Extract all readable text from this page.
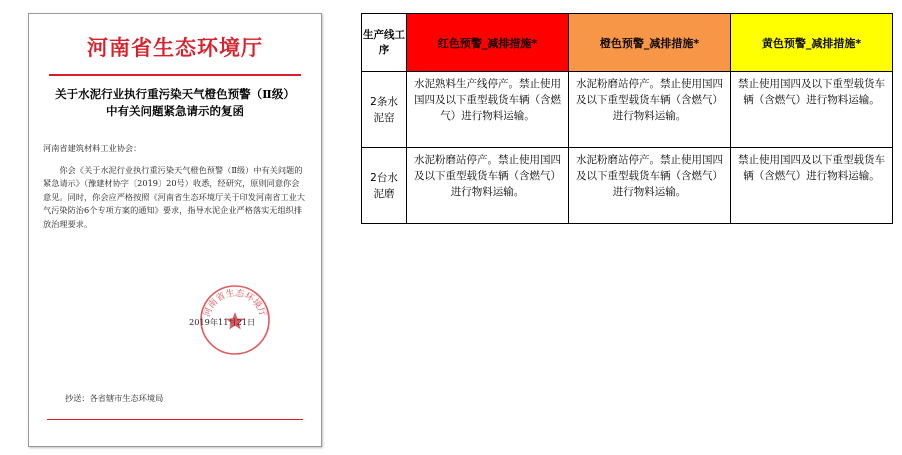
河南省生态环境厅
关于水泥行业执行重污染天气橙色预警（Ⅱ级）
中有关问题紧急请示的复函

河南省建筑材料工业协会：

你会《关于水泥行业执行重污染天气橙色预警（Ⅱ级）中有关问题的紧急请示》（豫建材协字〔2019〕20号）收悉，经研究，原则同意你会意见。同时，你会应严格按照《河南省生态环境厅关于印发河南省工业大气污染防治6个专项方案的通知》要求，指导水泥企业严格落实无组织排放治理要求。

河南省生态环境厅
2019年11月21日
抄送：各省辖市生态环境局
生产线工序	红色预警_减排措施*	橙色预警_减排措施*	黄色预警_减排措施*
2条水泥窑	水泥熟料生产线停产。禁止使用国四及以下重型载货车辆（含燃气）进行物料运输。	水泥粉磨站停产。禁止使用国四及以下重型载货车辆（含燃气）进行物料运输。	禁止使用国四及以下重型载货车辆（含燃气）进行物料运输。
2台水泥磨	水泥粉磨站停产。禁止使用国四及以下重型载货车辆（含燃气）进行物料运输。	水泥粉磨站停产。禁止使用国四及以下重型载货车辆（含燃气）进行物料运输。	禁止使用国四及以下重型载货车辆（含燃气）进行物料运输。
